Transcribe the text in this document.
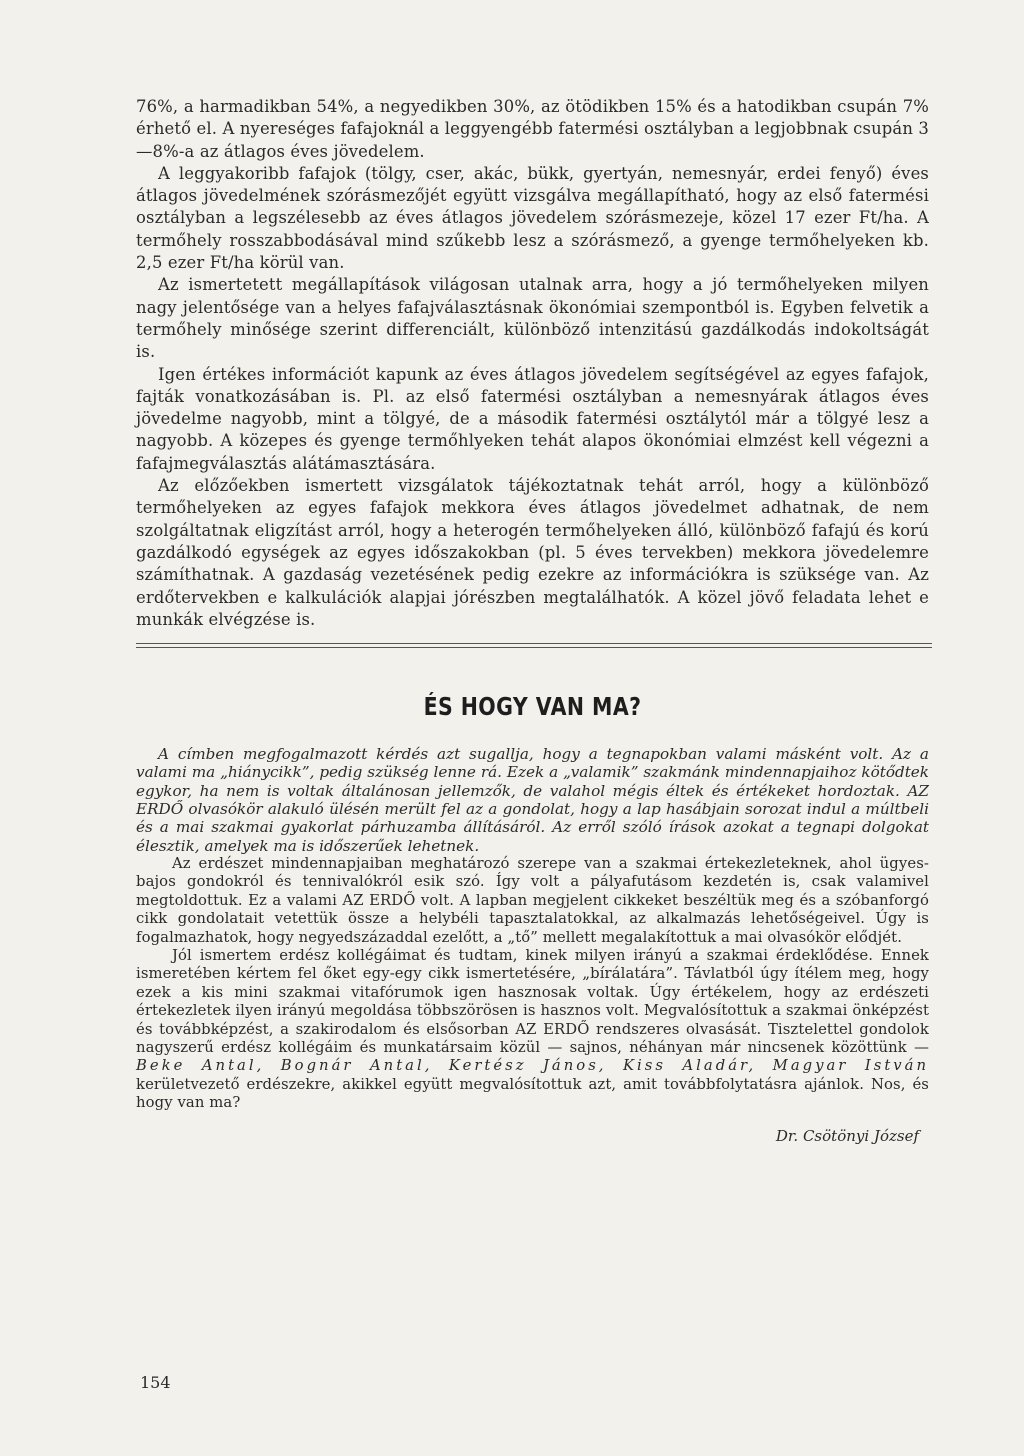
76%, a harmadikban 54%, a negyedikben 30%, az ötödikben 15% és a hatodikban csupán 7% érhető el. A nyereséges fafajoknál a leggyengébb fatermési osztályban a legjobbnak csupán 3—8%-a az átlagos éves jövedelem.

A leggyakoribb fafajok (tölgy, cser, akác, bükk, gyertyán, nemesnyár, erdei fenyő) éves átlagos jövedelmének szórásmezőjét együtt vizsgálva megállapítható, hogy az első fatermési osztályban a legszélesebb az éves átlagos jövedelem szórásmezeje, közel 17 ezer Ft/ha. A termőhely rosszabbodásával mind szűkebb lesz a szórásmező, a gyenge termőhelyeken kb. 2,5 ezer Ft/ha körül van.

Az ismertetett megállapítások világosan utalnak arra, hogy a jó termőhelyeken milyen nagy jelentősége van a helyes fafajválasztásnak ökonómiai szempontból is. Egyben felvetik a termőhely minősége szerint differenciált, különböző intenzitású gazdálkodás indokoltságát is.

Igen értékes információt kapunk az éves átlagos jövedelem segítségével az egyes fafajok, fajták vonatkozásában is. Pl. az első fatermési osztályban a nemesnyárak átlagos éves jövedelme nagyobb, mint a tölgyé, de a második fatermési osztálytól már a tölgyé lesz a nagyobb. A közepes és gyenge termőhlyeken tehát alapos ökonómiai elmzést kell végezni a fafajmegválasztás alátámasztására.

Az előzőekben ismertett vizsgálatok tájékoztatnak tehát arról, hogy a különböző termőhelyeken az egyes fafajok mekkora éves átlagos jövedelmet adhatnak, de nem szolgáltatnak eligzítást arról, hogy a heterogén termőhelyeken álló, különböző fafajú és korú gazdálkodó egységek az egyes időszakokban (pl. 5 éves tervekben) mekkora jövedelemre számíthatnak. A gazdaság vezetésének pedig ezekre az információkra is szüksége van. Az erdőtervekben e kalkulációk alapjai jórészben megtalálhatók. A közel jövő feladata lehet e munkák elvégzése is.

ÉS HOGY VAN MA?

A címben megfogalmazott kérdés azt sugallja, hogy a tegnapokban valami másként volt. Az a valami ma „hiánycikk”, pedig szükség lenne rá. Ezek a „valamik” szakmánk mindennapjaihoz kötődtek egykor, ha nem is voltak általánosan jellemzők, de valahol mégis éltek és értékeket hordoztak. AZ ERDŐ olvasókör alakuló ülésén merült fel az a gondolat, hogy a lap hasábjain sorozat indul a múltbeli és a mai szakmai gyakorlat párhuzamba állításáról. Az erről szóló írások azokat a tegnapi dolgokat élesztik, amelyek ma is időszerűek lehetnek.

Az erdészet mindennapjaiban meghatározó szerepe van a szakmai értekezleteknek, ahol ügyes-bajos gondokról és tennivalókról esik szó. Így volt a pályafutásom kezdetén is, csak valamivel megtoldottuk. Ez a valami AZ ERDŐ volt. A lapban megjelent cikkeket beszéltük meg és a szóbanforgó cikk gondolatait vetettük össze a helybéli tapasztalatokkal, az alkalmazás lehetőségeivel. Úgy is fogalmazhatok, hogy negyedszázaddal ezelőtt, a „tő” mellett megalakítottuk a mai olvasókör elődjét.

Jól ismertem erdész kollégáimat és tudtam, kinek milyen irányú a szakmai érdeklődése. Ennek ismeretében kértem fel őket egy-egy cikk ismertetésére, „bírálatára”. Távlatból úgy ítélem meg, hogy ezek a kis mini szakmai vitafórumok igen hasznosak voltak. Úgy értékelem, hogy az erdészeti értekezletek ilyen irányú megoldása többszörösen is hasznos volt. Megvalósítottuk a szakmai önképzést és továbbképzést, a szakirodalom és elsősorban AZ ERDŐ rendszeres olvasását. Tisztelettel gondolok nagyszerű erdész kollégáim és munkatársaim közül — sajnos, néhányan már nincsenek közöttünk — Beke Antal, Bognár Antal, Kertész János, Kiss Aladár, Magyar István kerületvezető erdészekre, akikkel együtt megvalósítottuk azt, amit továbbfolytatásra ajánlok. Nos, és hogy van ma?

Dr. Csötönyi József

154
